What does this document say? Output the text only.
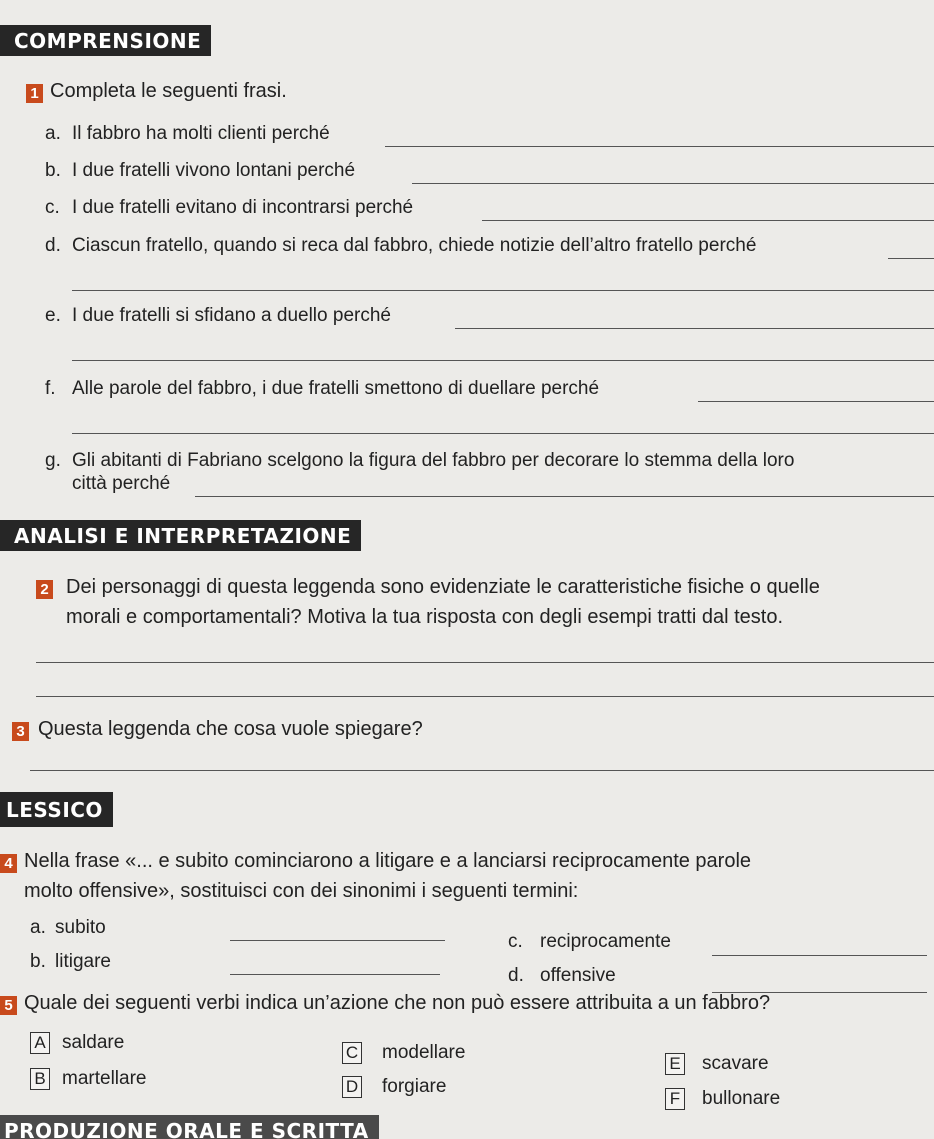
COMPRENSIONE
1 Completa le seguenti frasi.
a. Il fabbro ha molti clienti perché
b. I due fratelli vivono lontani perché
c. I due fratelli evitano di incontrarsi perché
d. Ciascun fratello, quando si reca dal fabbro, chiede notizie dell’altro fratello perché
e. I due fratelli si sfidano a duello perché
f. Alle parole del fabbro, i due fratelli smettono di duellare perché
g. Gli abitanti di Fabriano scelgono la figura del fabbro per decorare lo stemma della loro
città perché
ANALISI E INTERPRETAZIONE
2 Dei personaggi di questa leggenda sono evidenziate le caratteristiche fisiche o quelle
morali e comportamentali? Motiva la tua risposta con degli esempi tratti dal testo.
3 Questa leggenda che cosa vuole spiegare?
LESSICO
4 Nella frase «... e subito cominciarono a litigare e a lanciarsi reciprocamente parole
molto offensive», sostituisci con dei sinonimi i seguenti termini:
a. subito
b. litigare
c. reciprocamente
d. offensive
5 Quale dei seguenti verbi indica un’azione che non può essere attribuita a un fabbro?
A saldare
B martellare
C modellare
D forgiare
E scavare
F bullonare
PRODUZIONE ORALE E SCRITTA
